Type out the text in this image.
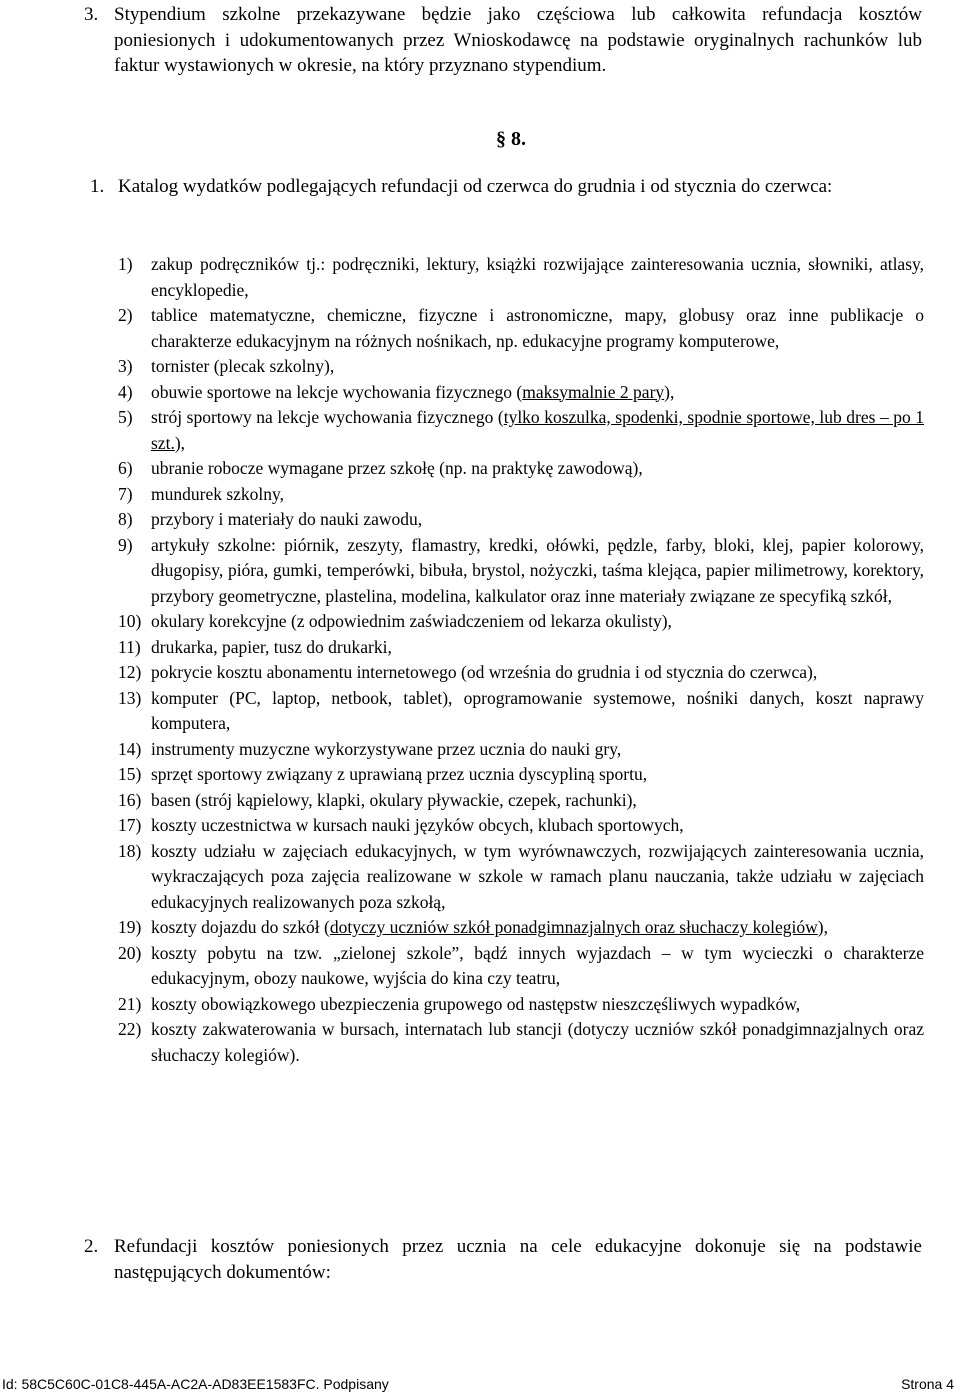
3. Stypendium szkolne przekazywane będzie jako częściowa lub całkowita refundacja kosztów poniesionych i udokumentowanych przez Wnioskodawcę na podstawie oryginalnych rachunków lub faktur wystawionych w okresie, na który przyznano stypendium.
§ 8.
1. Katalog wydatków podlegających refundacji od czerwca do grudnia i od stycznia do czerwca:
1) zakup podręczników tj.: podręczniki, lektury, książki rozwijające zainteresowania ucznia, słowniki, atlasy, encyklopedie,
2) tablice matematyczne, chemiczne, fizyczne i astronomiczne, mapy, globusy oraz inne publikacje o charakterze edukacyjnym na różnych nośnikach, np. edukacyjne programy komputerowe,
3) tornister (plecak szkolny),
4) obuwie sportowe na lekcje wychowania fizycznego (maksymalnie 2 pary),
5) strój sportowy na lekcje wychowania fizycznego (tylko koszulka, spodenki, spodnie sportowe, lub dres – po 1 szt.),
6) ubranie robocze wymagane przez szkołę (np. na praktykę zawodową),
7) mundurek szkolny,
8) przybory i materiały do nauki zawodu,
9) artykuły szkolne: piórnik, zeszyty, flamastry, kredki, ołówki, pędzle, farby, bloki, klej, papier kolorowy, długopisy, pióra, gumki, temperówki, bibuła, brystol, nożyczki, taśma klejąca, papier milimetrowy, korektory, przybory geometryczne, plastelina, modelina, kalkulator oraz inne materiały związane ze specyfiką szkół,
10) okulary korekcyjne (z odpowiednim zaświadczeniem od lekarza okulisty),
11) drukarka, papier, tusz do drukarki,
12) pokrycie kosztu abonamentu internetowego (od września do grudnia i od stycznia do czerwca),
13) komputer (PC, laptop, netbook, tablet), oprogramowanie systemowe, nośniki danych, koszt naprawy komputera,
14) instrumenty muzyczne wykorzystywane przez ucznia do nauki gry,
15) sprzęt sportowy związany z uprawianą przez ucznia dyscypliną sportu,
16) basen (strój kąpielowy, klapki, okulary pływackie, czepek, rachunki),
17) koszty uczestnictwa w kursach nauki języków obcych, klubach sportowych,
18) koszty udziału w zajęciach edukacyjnych, w tym wyrównawczych, rozwijających zainteresowania ucznia, wykraczających poza zajęcia realizowane w szkole w ramach planu nauczania, także udziału w zajęciach edukacyjnych realizowanych poza szkołą,
19) koszty dojazdu do szkół (dotyczy uczniów szkół ponadgimnazjalnych oraz słuchaczy kolegiów),
20) koszty pobytu na tzw. „zielonej szkole”, bądź innych wyjazdach – w tym wycieczki o charakterze edukacyjnym, obozy naukowe, wyjścia do kina czy teatru,
21) koszty obowiązkowego ubezpieczenia grupowego od następstw nieszczęśliwych wypadków,
22) koszty zakwaterowania w bursach, internatach lub stancji (dotyczy uczniów szkół ponadgimnazjalnych oraz słuchaczy kolegiów).
2. Refundacji kosztów poniesionych przez ucznia na cele edukacyjne dokonuje się na podstawie następujących dokumentów:
Id: 58C5C60C-01C8-445A-AC2A-AD83EE1583FC. Podpisany	Strona 4
